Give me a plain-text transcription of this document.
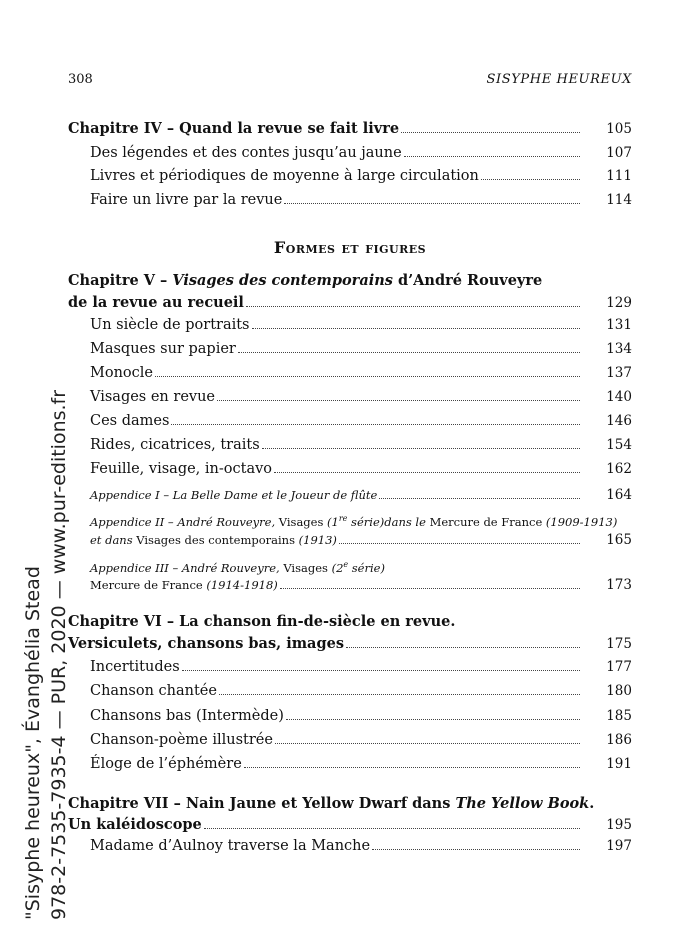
308	SISYPHE HEUREUX
Chapitre IV – Quand la revue se fait livre	105
Des légendes et des contes jusqu’au jaune	107
Livres et périodiques de moyenne à large circulation	111
Faire un livre par la revue	114
Formes et figures
Chapitre V – Visages des contemporains d’André Rouveyre
de la revue au recueil	129
Un siècle de portraits	131
Masques sur papier	134
Monocle	137
Visages en revue	140
Ces dames	146
Rides, cicatrices, traits	154
Feuille, visage, in-octavo	162
Appendice I – La Belle Dame et le Joueur de flûte	164
Appendice II – André Rouveyre, Visages (1re série)dans le Mercure de France (1909-1913)
et dans Visages des contemporains (1913)	165
Appendice III – André Rouveyre, Visages (2e série)
Mercure de France (1914-1918)	173
Chapitre VI – La chanson fin-de-siècle en revue.
Versiculets, chansons bas, images	175
Incertitudes	177
Chanson chantée	180
Chansons bas (Intermède)	185
Chanson-poème illustrée	186
Éloge de l’éphémère	191
Chapitre VII – Nain Jaune et Yellow Dwarf dans The Yellow Book.
Un kaléidoscope	195
Madame d’Aulnoy traverse la Manche	197
"Sisyphe heureux", Évanghélia Stead 978-2-7535-7935-4 — PUR, 2020 — www.pur-editions.fr
